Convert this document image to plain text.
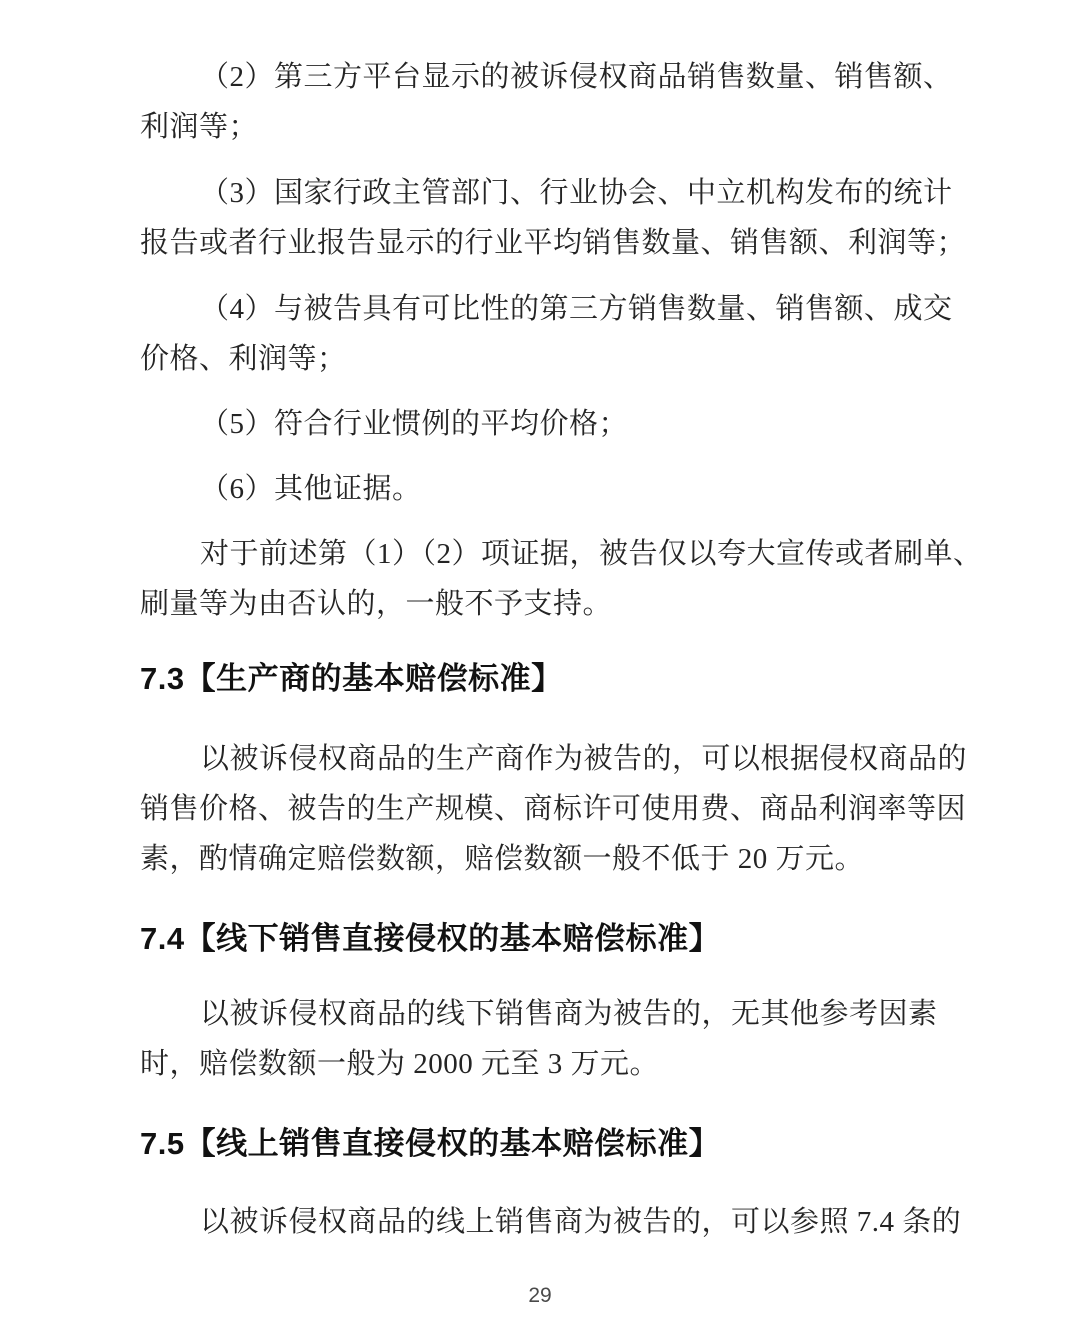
（2）第三方平台显示的被诉侵权商品销售数量、销售额、
利润等；
（3）国家行政主管部门、行业协会、中立机构发布的统计
报告或者行业报告显示的行业平均销售数量、销售额、利润等；
（4）与被告具有可比性的第三方销售数量、销售额、成交
价格、利润等；
（5）符合行业惯例的平均价格；
（6）其他证据。
对于前述第（1）（2）项证据，被告仅以夸大宣传或者刷单、
刷量等为由否认的，一般不予支持。
7.3【生产商的基本赔偿标准】
以被诉侵权商品的生产商作为被告的，可以根据侵权商品的
销售价格、被告的生产规模、商标许可使用费、商品利润率等因
素，酌情确定赔偿数额，赔偿数额一般不低于 20 万元。
7.4【线下销售直接侵权的基本赔偿标准】
以被诉侵权商品的线下销售商为被告的，无其他参考因素
时，赔偿数额一般为 2000 元至 3 万元。
7.5【线上销售直接侵权的基本赔偿标准】
以被诉侵权商品的线上销售商为被告的，可以参照 7.4 条的
29
